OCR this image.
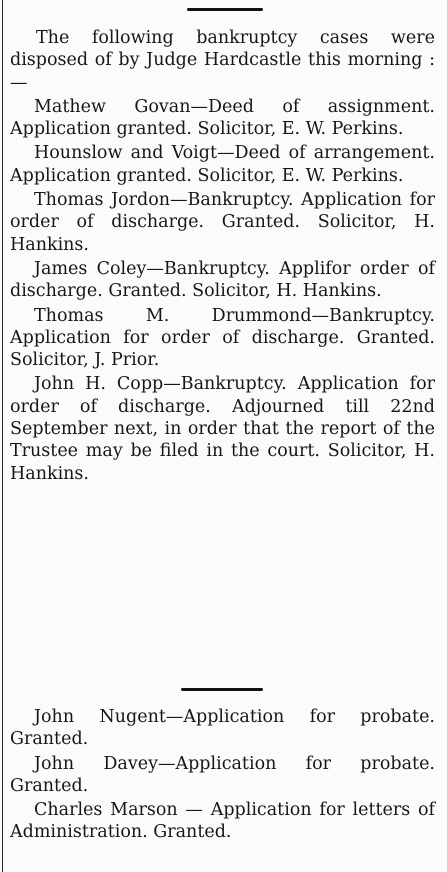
The following bankruptcy cases were disposed of by Judge Hardcastle this morning :—

Mathew Govan—Deed of assignment. Application granted. Solicitor, E. W. Perkins.

Hounslow and Voigt—Deed of arrangement. Application granted. Solicitor, E. W. Perkins.

Thomas Jordon—Bankruptcy. Application for order of discharge. Granted. Solicitor, H. Hankins.

James Coley—Bankruptcy. Applifor order of discharge. Granted. Solicitor, H. Hankins.

Thomas M. Drummond—Bankruptcy. Application for order of discharge. Granted. Solicitor, J. Prior.

John H. Copp—Bankruptcy. Application for order of discharge. Adjourned till 22nd September next, in order that the report of the Trustee may be filed in the court. Solicitor, H. Hankins.

John Nugent—Application for probate. Granted.

John Davey—Application for probate. Granted.

Charles Marson — Application for letters of Administration. Granted.
